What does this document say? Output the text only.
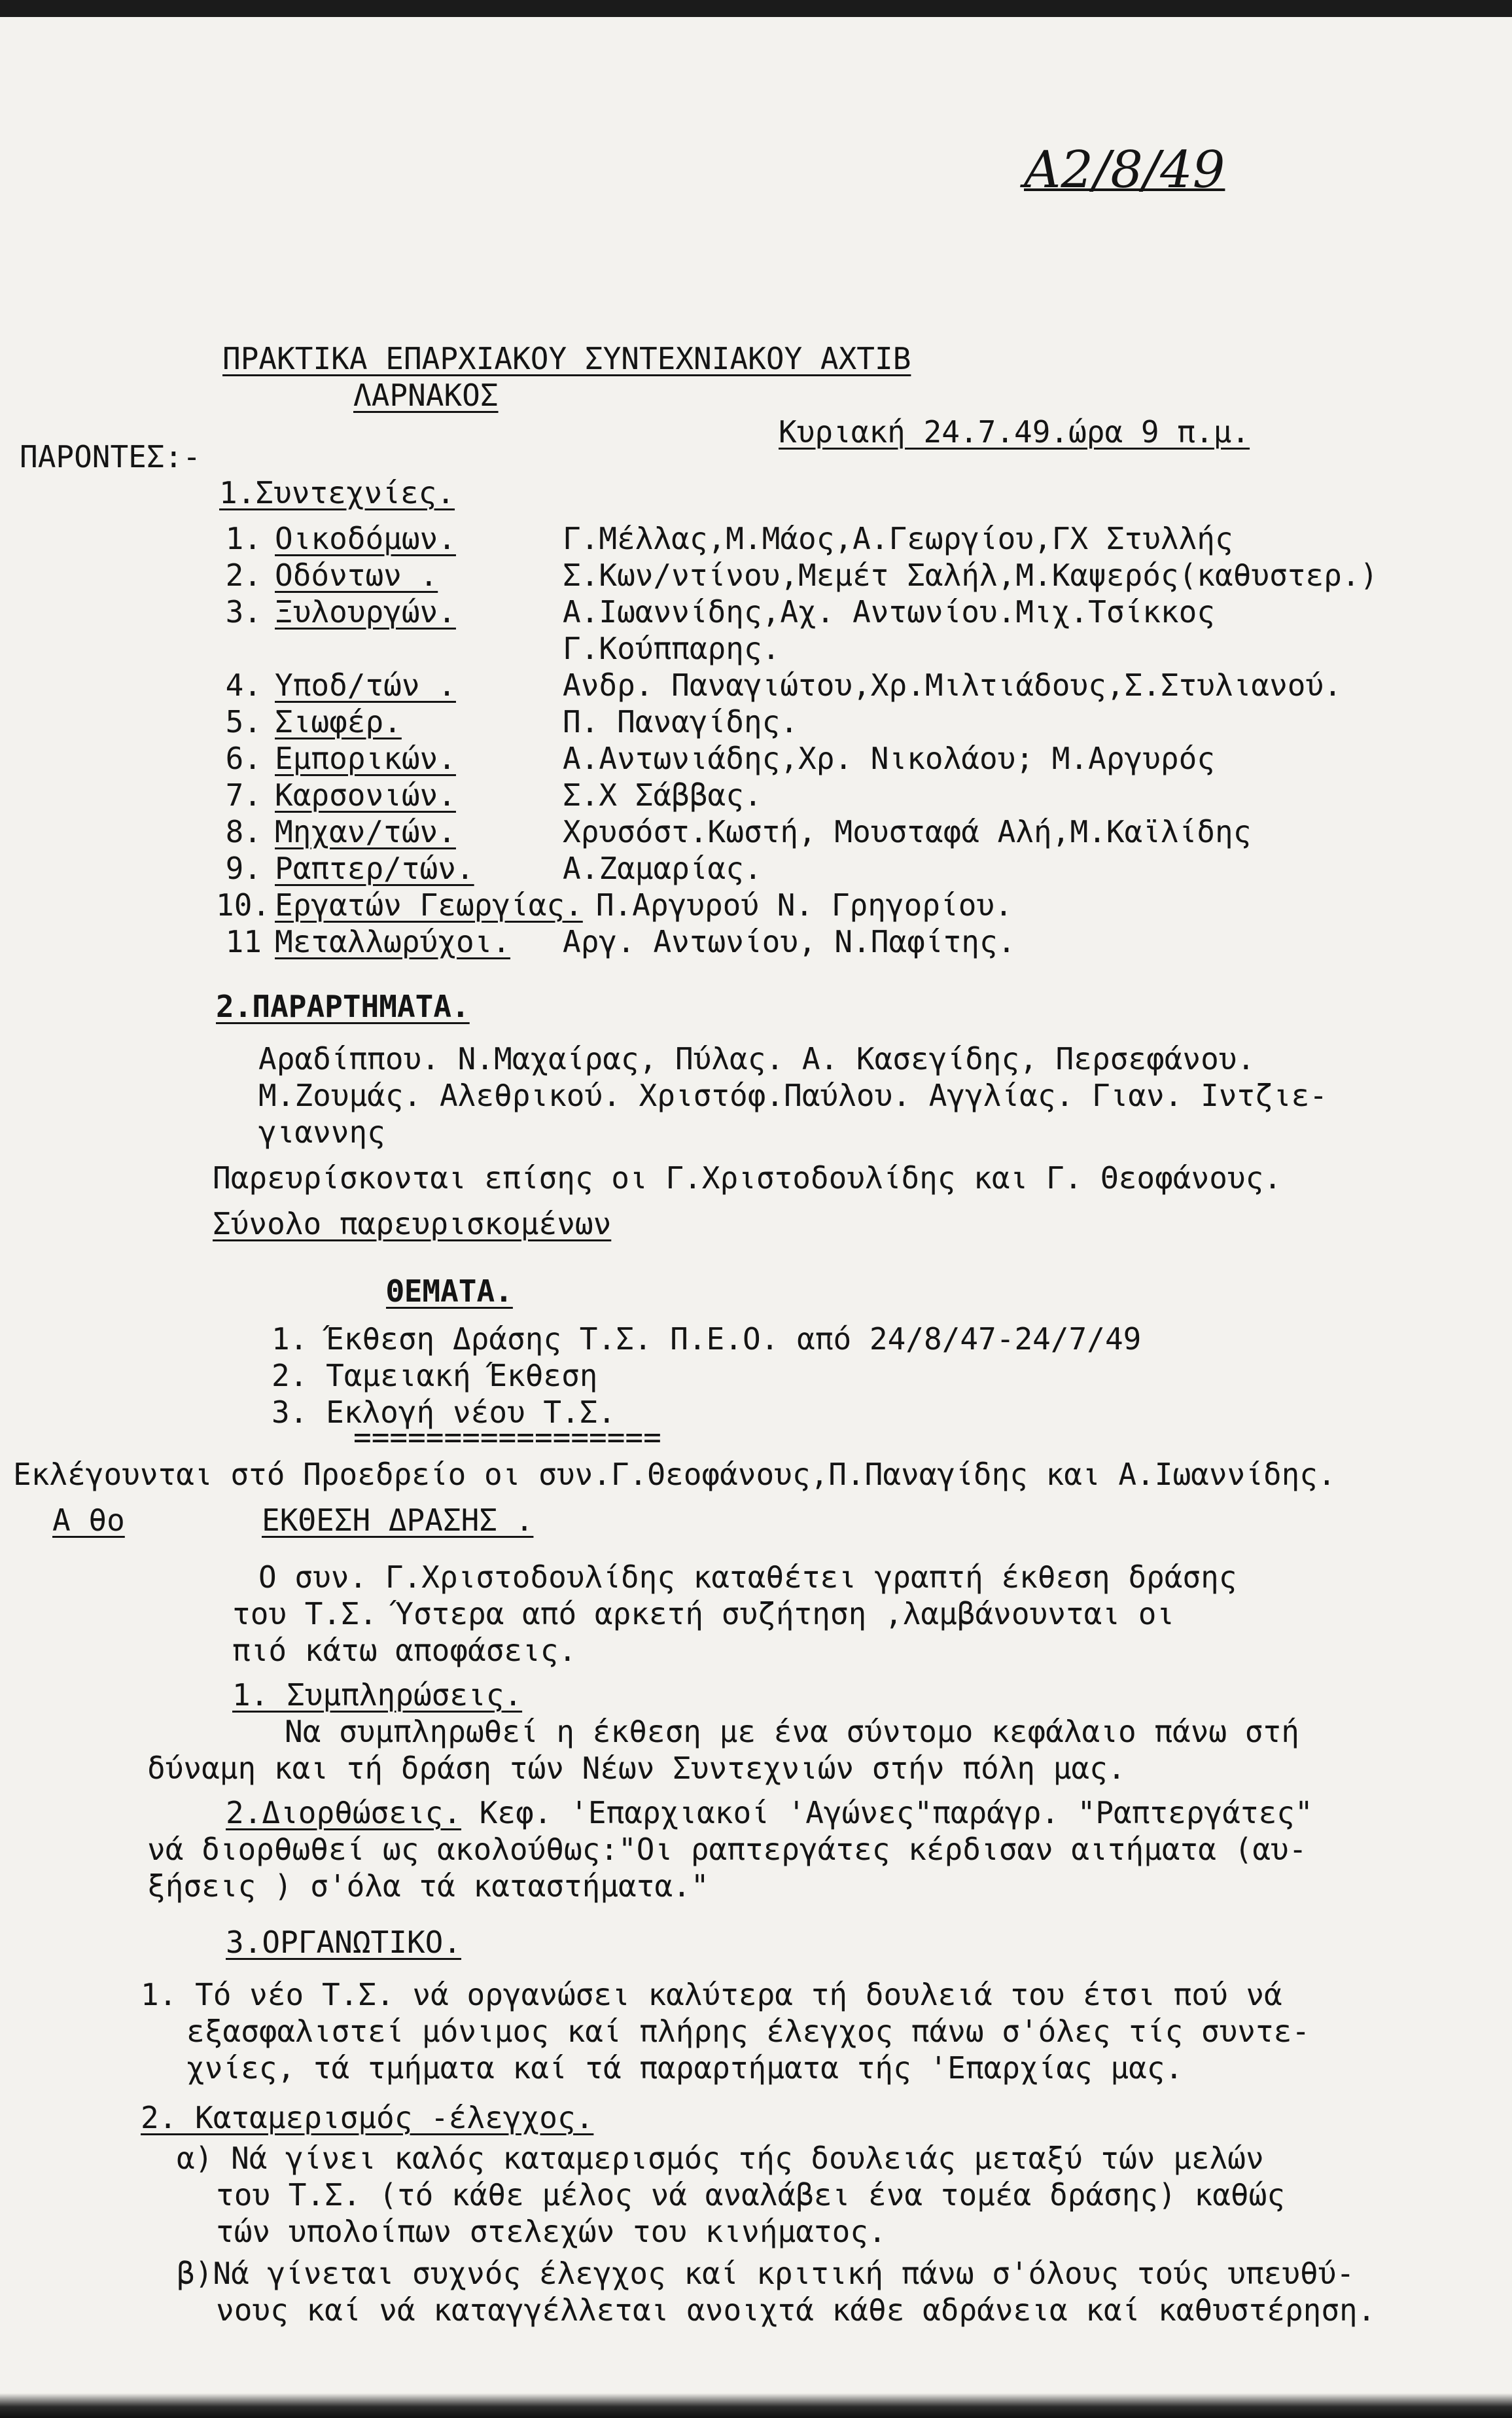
Α2/8/49
ΠΡΑΚΤΙΚΑ ΕΠΑΡΧΙΑΚΟΥ ΣΥΝΤΕΧΝΙΑΚΟΥ ΑΧΤΙΒ
ΛΑΡΝΑΚΟΣ
Κυριακή 24.7.49.ώρα 9 π.μ.
ΠΑΡΟΝΤΕΣ:-
1.Συντεχνίες.
1. Οικοδόμων.	Γ.Μέλλας,Μ.Μάος,Α.Γεωργίου,ΓΧ Στυλλής
2. Οδόντων .	Σ.Κων/ντίνου,Μεμέτ Σαλήλ,Μ.Καψερός(καθυστερ.)
3. Ξυλουργών.	Α.Ιωαννίδης,Αχ. Αντωνίου.Μιχ.Τσίκκος
Γ.Κούππαρης.
4. Υποδ/τών .	Ανδρ. Παναγιώτου,Χρ.Μιλτιάδους,Σ.Στυλιανού.
5. Σιωφέρ.	Π. Παναγίδης.
6. Εμπορικών.	Α.Αντωνιάδης,Χρ. Νικολάου; Μ.Αργυρός
7. Καρσονιών.	Σ.Χ Σάββας.
8. Μηχαν/τών.	Χρυσόστ.Κωστή, Μουσταφά Αλή,Μ.Καϊλίδης
9. Ραπτερ/τών.	Α.Ζαμαρίας.
10. Εργατών Γεωργίας. Π.Αργυρού Ν. Γρηγορίου.
11 Μεταλλωρύχοι.	Αργ. Αντωνίου, Ν.Παφίτης.
2.ΠΑΡΑΡΤΗΜΑΤΑ.
Αραδίππου. Ν.Μαχαίρας, Πύλας. Α. Κασεγίδης, Περσεφάνου.
Μ.Ζουμάς. Αλεθρικού. Χριστόφ.Παύλου. Αγγλίας. Γιαν. Ιντζιε-
γιαννης
Παρευρίσκονται επίσης οι Γ.Χριστοδουλίδης και Γ. Θεοφάνους.
Σύνολο παρευρισκομένων
ΘΕΜΑΤΑ.
1. Έκθεση Δράσης Τ.Σ. Π.Ε.Ο. από 24/8/47-24/7/49
2. Ταμειακή Έκθεση
3. Εκλογή νέου Τ.Σ.
=================
Εκλέγουνται στό Προεδρείο οι συν.Γ.Θεοφάνους,Π.Παναγίδης και Α.Ιωαννίδης.
Α θο	ΕΚΘΕΣΗ ΔΡΑΣΗΣ .
Ο συν. Γ.Χριστοδουλίδης καταθέτει γραπτή έκθεση δράσης
του Τ.Σ. Ύστερα από αρκετή συζήτηση ,λαμβάνουνται οι
πιό κάτω αποφάσεις.
1. Συμπληρώσεις.
Να συμπληρωθεί η έκθεση με ένα σύντομο κεφάλαιο πάνω στή
δύναμη και τή δράση τών Νέων Συντεχνιών στήν πόλη μας.
2.Διορθώσεις. Κεφ. 'Επαρχιακοί 'Αγώνες"παράγρ. "Ραπτεργάτες"
νά διορθωθεί ως ακολούθως:"Οι ραπτεργάτες κέρδισαν αιτήματα (αυ-
ξήσεις ) σ'όλα τά καταστήματα."
3.ΟΡΓΑΝΩΤΙΚΟ.
1. Τό νέο Τ.Σ. νά οργανώσει καλύτερα τή δουλειά του έτσι πού νά
εξασφαλιστεί μόνιμος καί πλήρης έλεγχος πάνω σ'όλες τίς συντε-
χνίες, τά τμήματα καί τά παραρτήματα τής 'Επαρχίας μας.
2. Καταμερισμός -έλεγχος.
α) Νά γίνει καλός καταμερισμός τής δουλειάς μεταξύ τών μελών
του Τ.Σ. (τό κάθε μέλος νά αναλάβει ένα τομέα δράσης) καθώς
τών υπολοίπων στελεχών του κινήματος.
β)Νά γίνεται συχνός έλεγχος καί κριτική πάνω σ'όλους τούς υπευθύ-
νους καί νά καταγγέλλεται ανοιχτά κάθε αδράνεια καί καθυστέρηση.
